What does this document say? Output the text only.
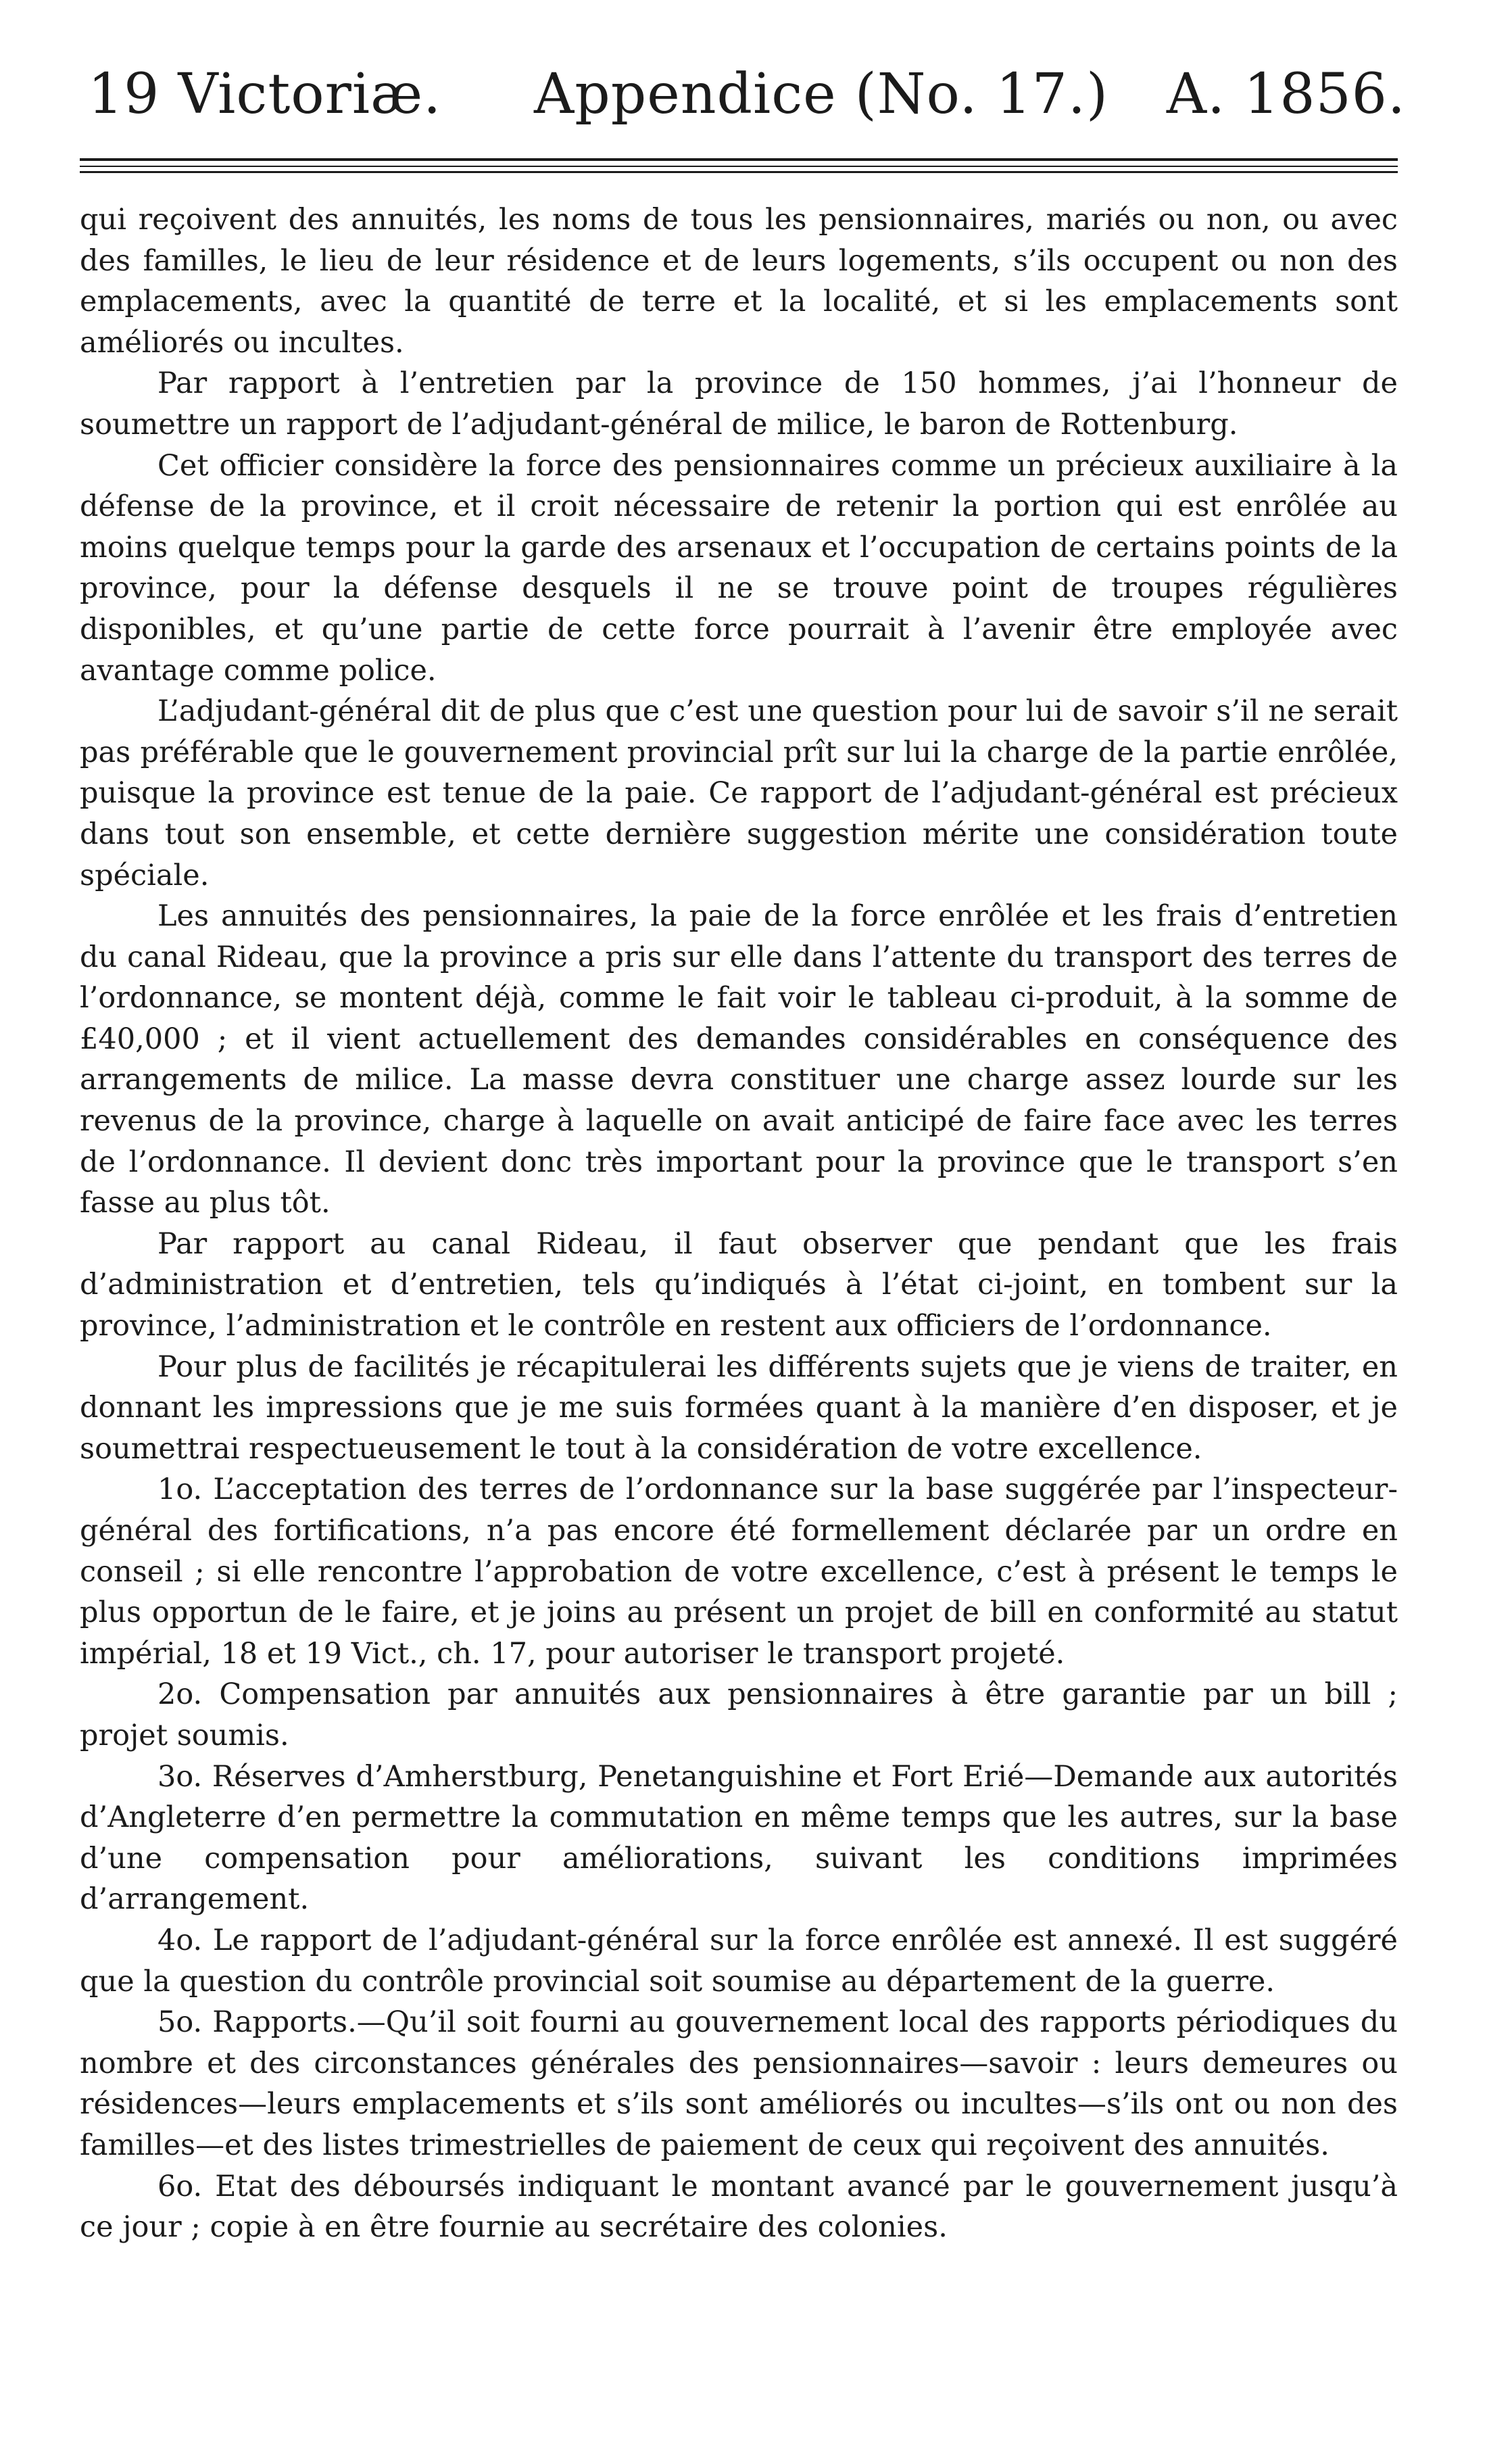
19 Victoriæ. Appendice (No. 17.) A. 1856.

qui reçoivent des annuités, les noms de tous les pensionnaires, mariés ou non, ou avec des familles, le lieu de leur résidence et de leurs logements, s’ils occupent ou non des emplacements, avec la quantité de terre et la localité, et si les emplacements sont améliorés ou incultes.

Par rapport à l’entretien par la province de 150 hommes, j’ai l’honneur de soumettre un rapport de l’adjudant-général de milice, le baron de Rottenburg.

Cet officier considère la force des pensionnaires comme un précieux auxiliaire à la défense de la province, et il croit nécessaire de retenir la portion qui est enrôlée au moins quelque temps pour la garde des arsenaux et l’occupation de certains points de la province, pour la défense desquels il ne se trouve point de troupes régulières disponibles, et qu’une partie de cette force pourrait à l’avenir être employée avec avantage comme police.

L’adjudant-général dit de plus que c’est une question pour lui de savoir s’il ne serait pas préférable que le gouvernement provincial prît sur lui la charge de la partie enrôlée, puisque la province est tenue de la paie. Ce rapport de l’adjudant-général est précieux dans tout son ensemble, et cette dernière suggestion mérite une considération toute spéciale.

Les annuités des pensionnaires, la paie de la force enrôlée et les frais d’entretien du canal Rideau, que la province a pris sur elle dans l’attente du transport des terres de l’ordonnance, se montent déjà, comme le fait voir le tableau ci-produit, à la somme de £40,000 ; et il vient actuellement des demandes considérables en conséquence des arrangements de milice. La masse devra constituer une charge assez lourde sur les revenus de la province, charge à laquelle on avait anticipé de faire face avec les terres de l’ordonnance. Il devient donc très important pour la province que le transport s’en fasse au plus tôt.

Par rapport au canal Rideau, il faut observer que pendant que les frais d’administration et d’entretien, tels qu’indiqués à l’état ci-joint, en tombent sur la province, l’administration et le contrôle en restent aux officiers de l’ordonnance.

Pour plus de facilités je récapitulerai les différents sujets que je viens de traiter, en donnant les impressions que je me suis formées quant à la manière d’en disposer, et je soumettrai respectueusement le tout à la considération de votre excellence.

1o. L’acceptation des terres de l’ordonnance sur la base suggérée par l’inspecteur-général des fortifications, n’a pas encore été formellement déclarée par un ordre en conseil ; si elle rencontre l’approbation de votre excellence, c’est à présent le temps le plus opportun de le faire, et je joins au présent un projet de bill en conformité au statut impérial, 18 et 19 Vict., ch. 17, pour autoriser le transport projeté.

2o. Compensation par annuités aux pensionnaires à être garantie par un bill ; projet soumis.

3o. Réserves d’Amherstburg, Penetanguishine et Fort Erié—Demande aux autorités d’Angleterre d’en permettre la commutation en même temps que les autres, sur la base d’une compensation pour améliorations, suivant les conditions imprimées d’arrangement.

4o. Le rapport de l’adjudant-général sur la force enrôlée est annexé. Il est suggéré que la question du contrôle provincial soit soumise au département de la guerre.

5o. Rapports.—Qu’il soit fourni au gouvernement local des rapports périodiques du nombre et des circonstances générales des pensionnaires—savoir : leurs demeures ou résidences—leurs emplacements et s’ils sont améliorés ou incultes—s’ils ont ou non des familles—et des listes trimestrielles de paiement de ceux qui reçoivent des annuités.

6o. Etat des déboursés indiquant le montant avancé par le gouvernement jusqu’à ce jour ; copie à en être fournie au secrétaire des colonies.
